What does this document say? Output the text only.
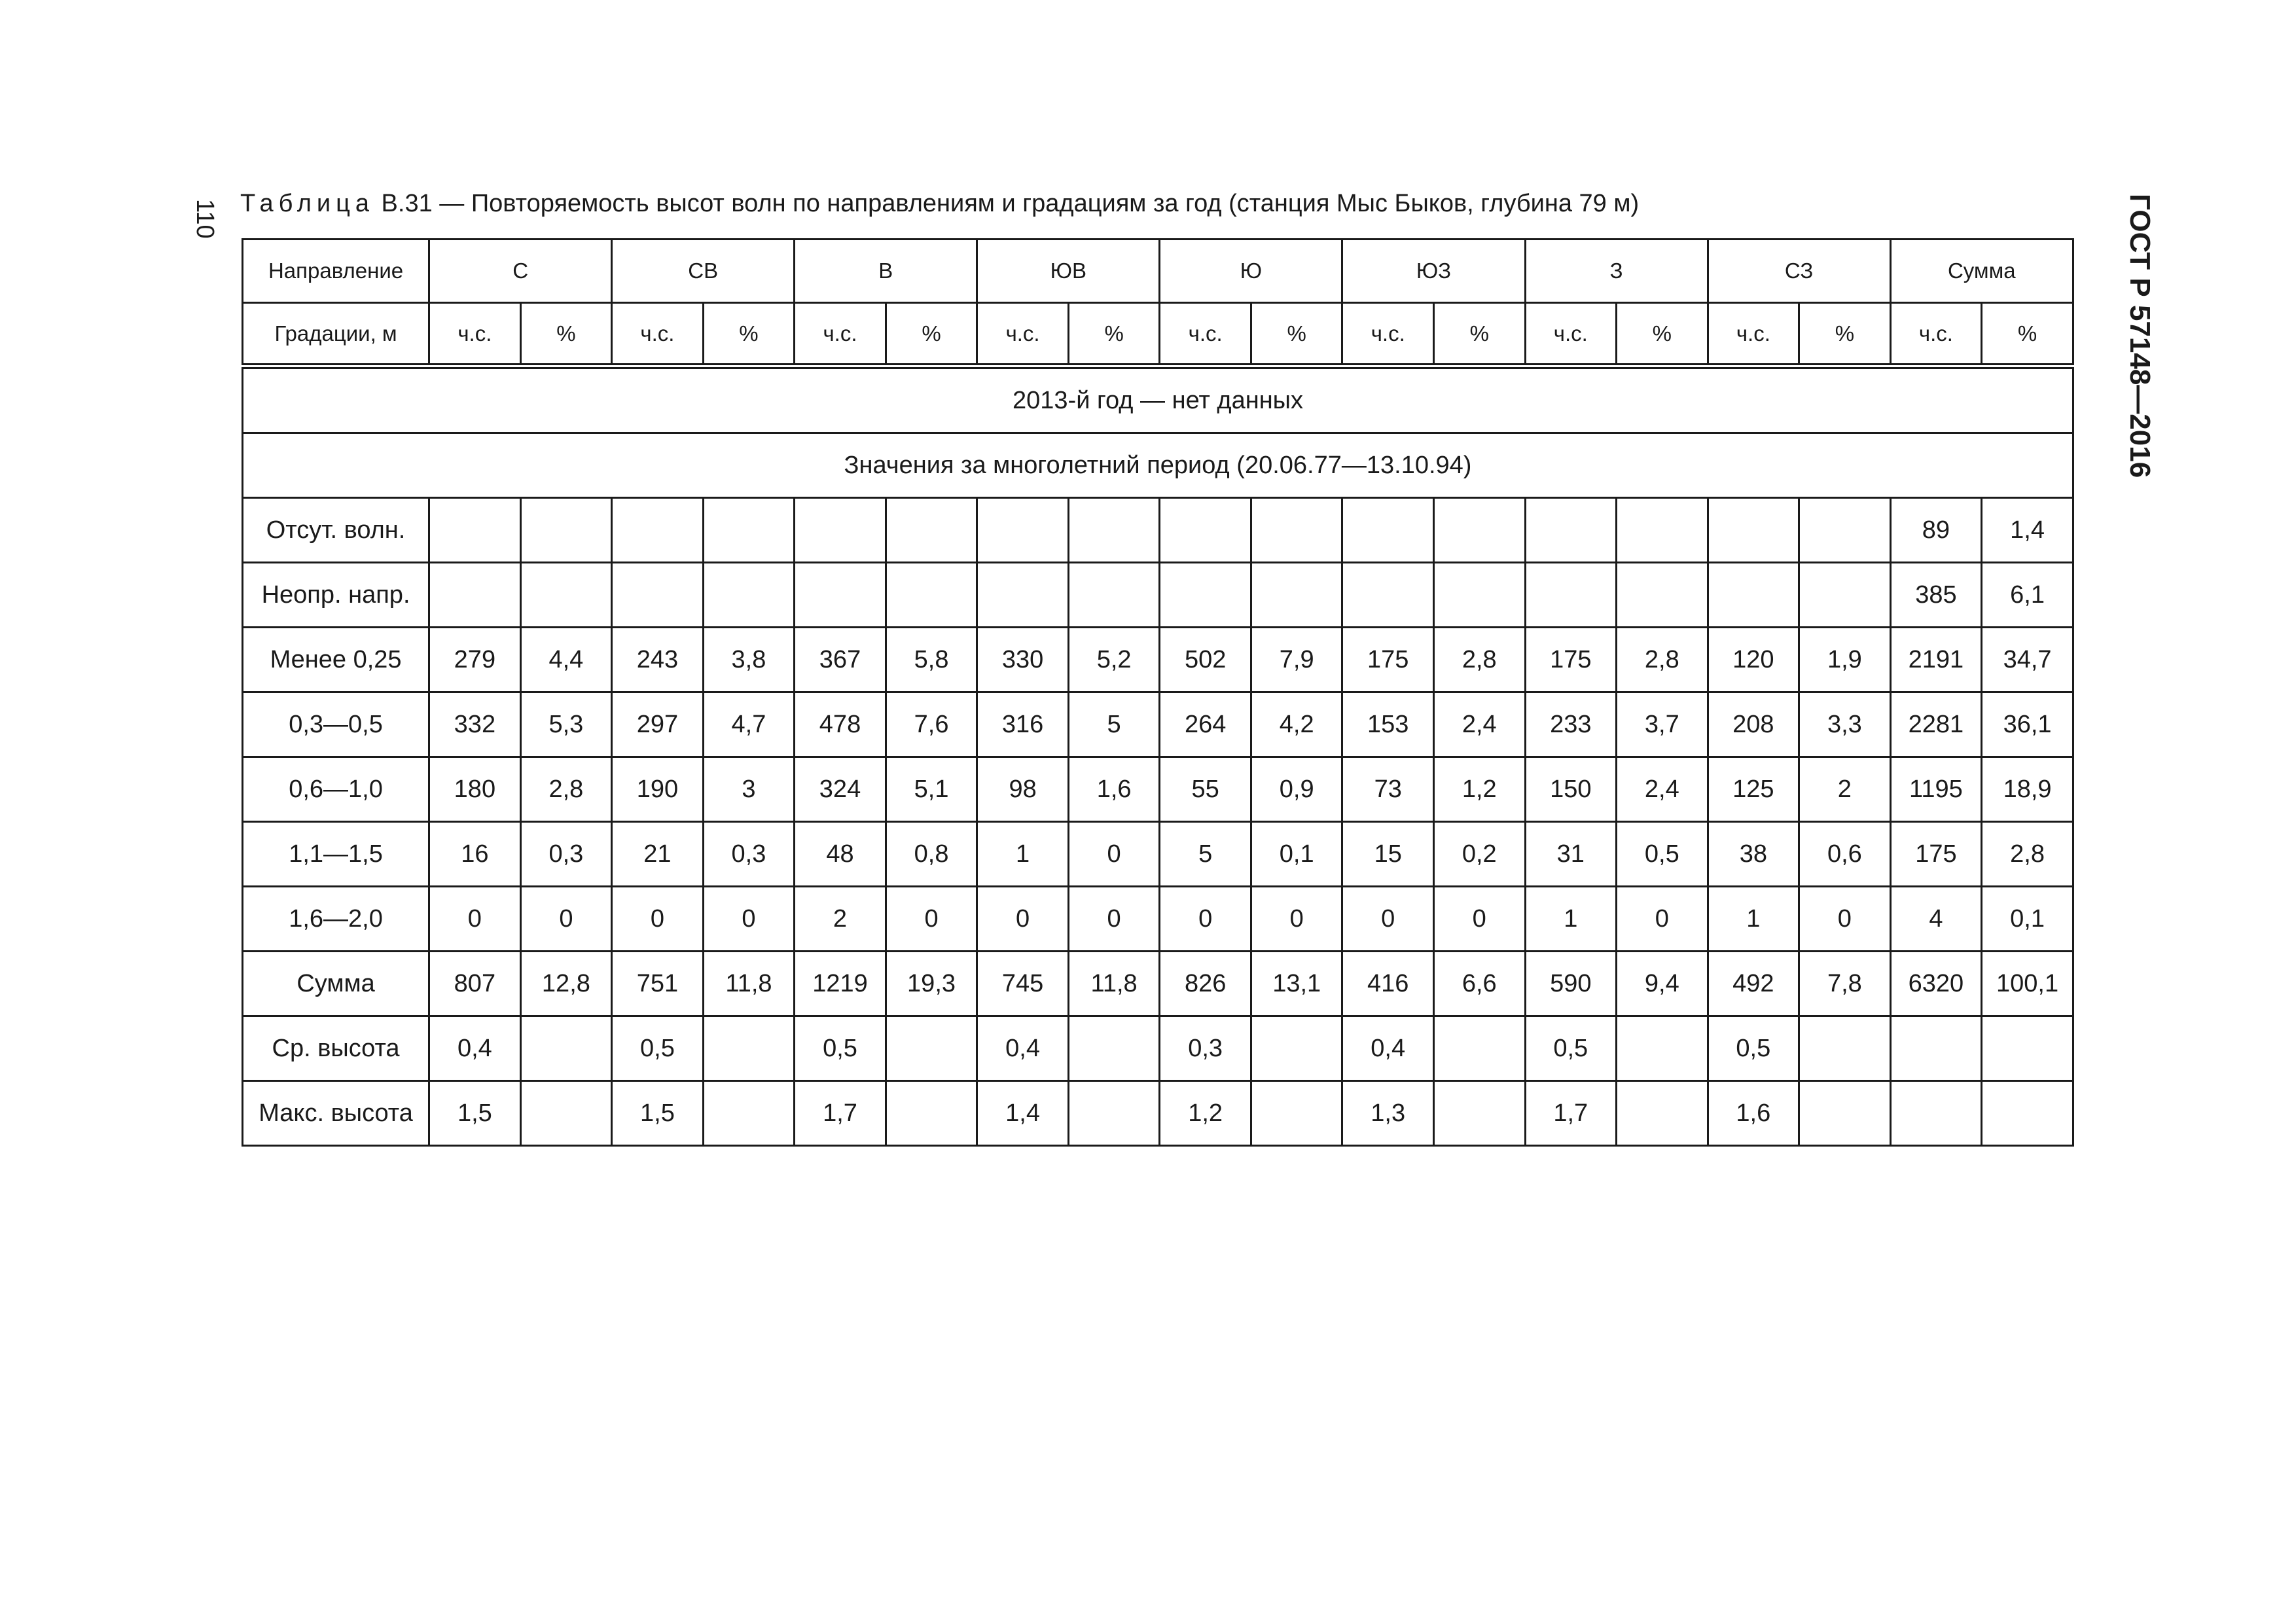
110	ГОСТ Р 57148—2016
Таблица В.31 — Повторяемость высот волн по направлениям и градациям за год (станция Мыс Быков, глубина 79 м)
Направление	С		СВ		В		ЮВ		Ю		ЮЗ		З		СЗ		Сумма	
Градации, м	ч.с.	%	ч.с.	%	ч.с.	%	ч.с.	%	ч.с.	%	ч.с.	%	ч.с.	%	ч.с.	%	ч.с.	%
2013-й год — нет данных																		
Значения за многолетний период (20.06.77—13.10.94)																		
Отсут. волн.																	89	1,4
Неопр. напр.																	385	6,1
Менее 0,25	279	4,4	243	3,8	367	5,8	330	5,2	502	7,9	175	2,8	175	2,8	120	1,9	2191	34,7
0,3—0,5	332	5,3	297	4,7	478	7,6	316	5	264	4,2	153	2,4	233	3,7	208	3,3	2281	36,1
0,6—1,0	180	2,8	190	3	324	5,1	98	1,6	55	0,9	73	1,2	150	2,4	125	2	1195	18,9
1,1—1,5	16	0,3	21	0,3	48	0,8	1	0	5	0,1	15	0,2	31	0,5	38	0,6	175	2,8
1,6—2,0	0	0	0	0	2	0	0	0	0	0	0	0	1	0	1	0	4	0,1
Сумма	807	12,8	751	11,8	1219	19,3	745	11,8	826	13,1	416	6,6	590	9,4	492	7,8	6320	100,1
Ср. высота	0,4		0,5		0,5		0,4		0,3		0,4		0,5		0,5			
Макс. высота	1,5		1,5		1,7		1,4		1,2		1,3		1,7		1,6			
